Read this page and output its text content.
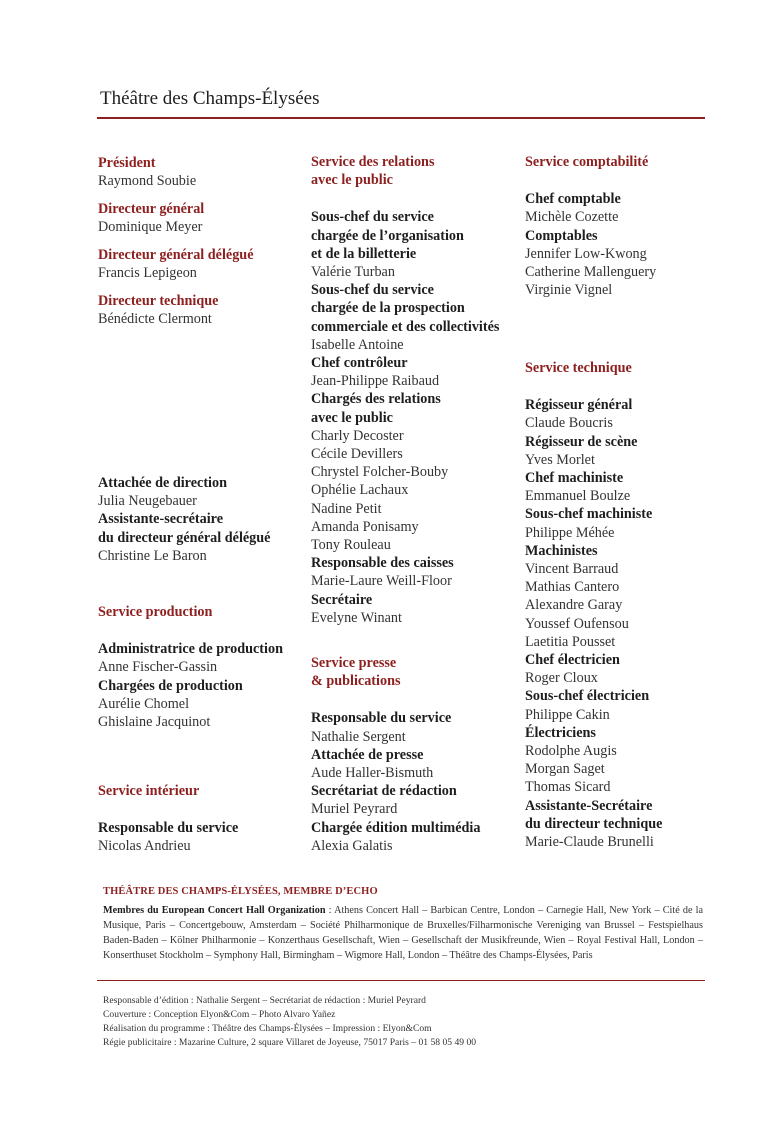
Théâtre des Champs-Élysées
Président
Raymond Soubie
Directeur général
Dominique Meyer
Directeur général délégué
Francis Lepigeon
Directeur technique
Bénédicte Clermont
Attachée de direction
Julia Neugebauer
Assistante-secrétaire
du directeur général délégué
Christine Le Baron
Service production
Administratrice de production
Anne Fischer-Gassin
Chargées de production
Aurélie Chomel
Ghislaine Jacquinot
Service intérieur
Responsable du service
Nicolas Andrieu
Service des relations
avec le public
Sous-chef du service
chargée de l’organisation
et de la billetterie
Valérie Turban
Sous-chef du service
chargée de la prospection
commerciale et des collectivités
Isabelle Antoine
Chef contrôleur
Jean-Philippe Raibaud
Chargés des relations
avec le public
Charly Decoster
Cécile Devillers
Chrystel Folcher-Bouby
Ophélie Lachaux
Nadine Petit
Amanda Ponisamy
Tony Rouleau
Responsable des caisses
Marie-Laure Weill-Floor
Secrétaire
Evelyne Winant
Service presse
& publications
Responsable du service
Nathalie Sergent
Attachée de presse
Aude Haller-Bismuth
Secrétariat de rédaction
Muriel Peyrard
Chargée édition multimédia
Alexia Galatis
Service comptabilité
Chef comptable
Michèle Cozette
Comptables
Jennifer Low-Kwong
Catherine Mallenguery
Virginie Vignel
Service technique
Régisseur général
Claude Boucris
Régisseur de scène
Yves Morlet
Chef machiniste
Emmanuel Boulze
Sous-chef machiniste
Philippe Méhée
Machinistes
Vincent Barraud
Mathias Cantero
Alexandre Garay
Youssef Oufensou
Laetitia Pousset
Chef électricien
Roger Cloux
Sous-chef électricien
Philippe Cakin
Électriciens
Rodolphe Augis
Morgan Saget
Thomas Sicard
Assistante-Secrétaire
du directeur technique
Marie-Claude Brunelli
THÉÂTRE DES CHAMPS-ÉLYSÉES, MEMBRE D’ECHO
Membres du European Concert Hall Organization : Athens Concert Hall – Barbican Centre, London – Carnegie Hall, New York – Cité de la Musique, Paris – Concertgebouw, Amsterdam – Société Philharmonique de Bruxelles/Filharmonische Vereniging van Brussel – Festspielhaus Baden-Baden – Kölner Philharmonie – Konzerthaus Gesellschaft, Wien – Gesellschaft der Musikfreunde, Wien – Royal Festival Hall, London – Konserthuset Stockholm – Symphony Hall, Birmingham – Wigmore Hall, London – Théâtre des Champs-Élysées, Paris
Responsable d’édition : Nathalie Sergent – Secrétariat de rédaction : Muriel Peyrard
Couverture : Conception Elyon&Com – Photo Alvaro Yañez
Réalisation du programme : Théâtre des Champs-Élysées – Impression : Elyon&Com
Régie publicitaire : Mazarine Culture, 2 square Villaret de Joyeuse, 75017 Paris – 01 58 05 49 00
